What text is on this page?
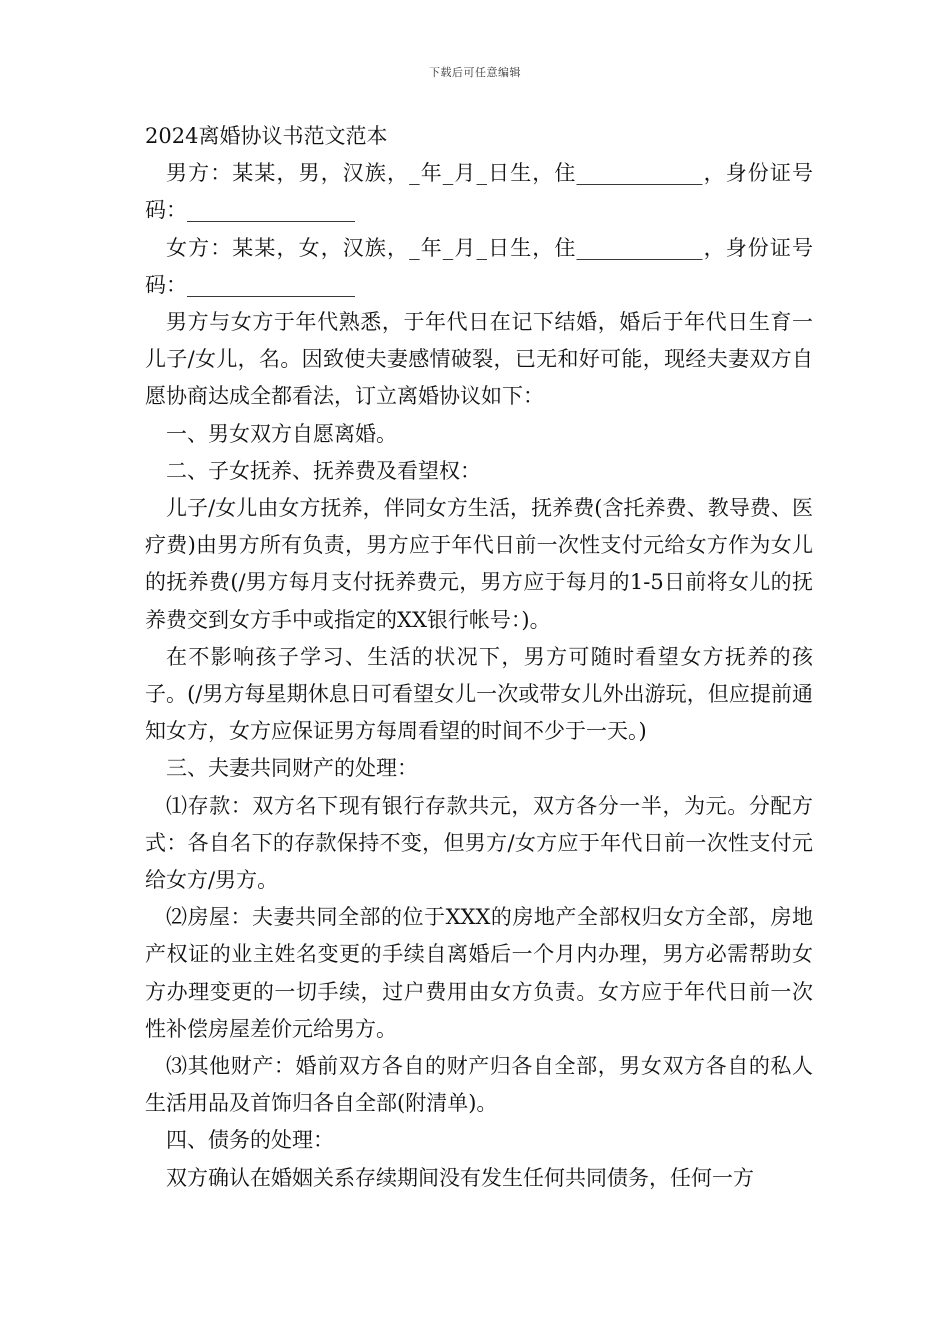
下载后可任意编辑

2024离婚协议书范文范本

男方：某某，男，汉族，_年_月_日生，住____________，身份证号码：________________

女方：某某，女，汉族，_年_月_日生，住____________，身份证号码：________________

男方与女方于年代熟悉，于年代日在记下结婚，婚后于年代日生育一儿子/女儿，名。因致使夫妻感情破裂，已无和好可能，现经夫妻双方自愿协商达成全都看法，订立离婚协议如下：

一、男女双方自愿离婚。

二、子女抚养、抚养费及看望权：

儿子/女儿由女方抚养，伴同女方生活，抚养费(含托养费、教导费、医疗费)由男方所有负责，男方应于年代日前一次性支付元给女方作为女儿的抚养费(/男方每月支付抚养费元，男方应于每月的1-5日前将女儿的抚养费交到女方手中或指定的XX银行帐号：)。

在不影响孩子学习、生活的状况下，男方可随时看望女方抚养的孩子。(/男方每星期休息日可看望女儿一次或带女儿外出游玩，但应提前通知女方，女方应保证男方每周看望的时间不少于一天。)

三、夫妻共同财产的处理：

⑴存款：双方名下现有银行存款共元，双方各分一半，为元。分配方式：各自名下的存款保持不变，但男方/女方应于年代日前一次性支付元给女方/男方。

⑵房屋：夫妻共同全部的位于XXX的房地产全部权归女方全部，房地产权证的业主姓名变更的手续自离婚后一个月内办理，男方必需帮助女方办理变更的一切手续，过户费用由女方负责。女方应于年代日前一次性补偿房屋差价元给男方。

⑶其他财产：婚前双方各自的财产归各自全部，男女双方各自的私人生活用品及首饰归各自全部(附清单)。

四、债务的处理：

双方确认在婚姻关系存续期间没有发生任何共同债务，任何一方
